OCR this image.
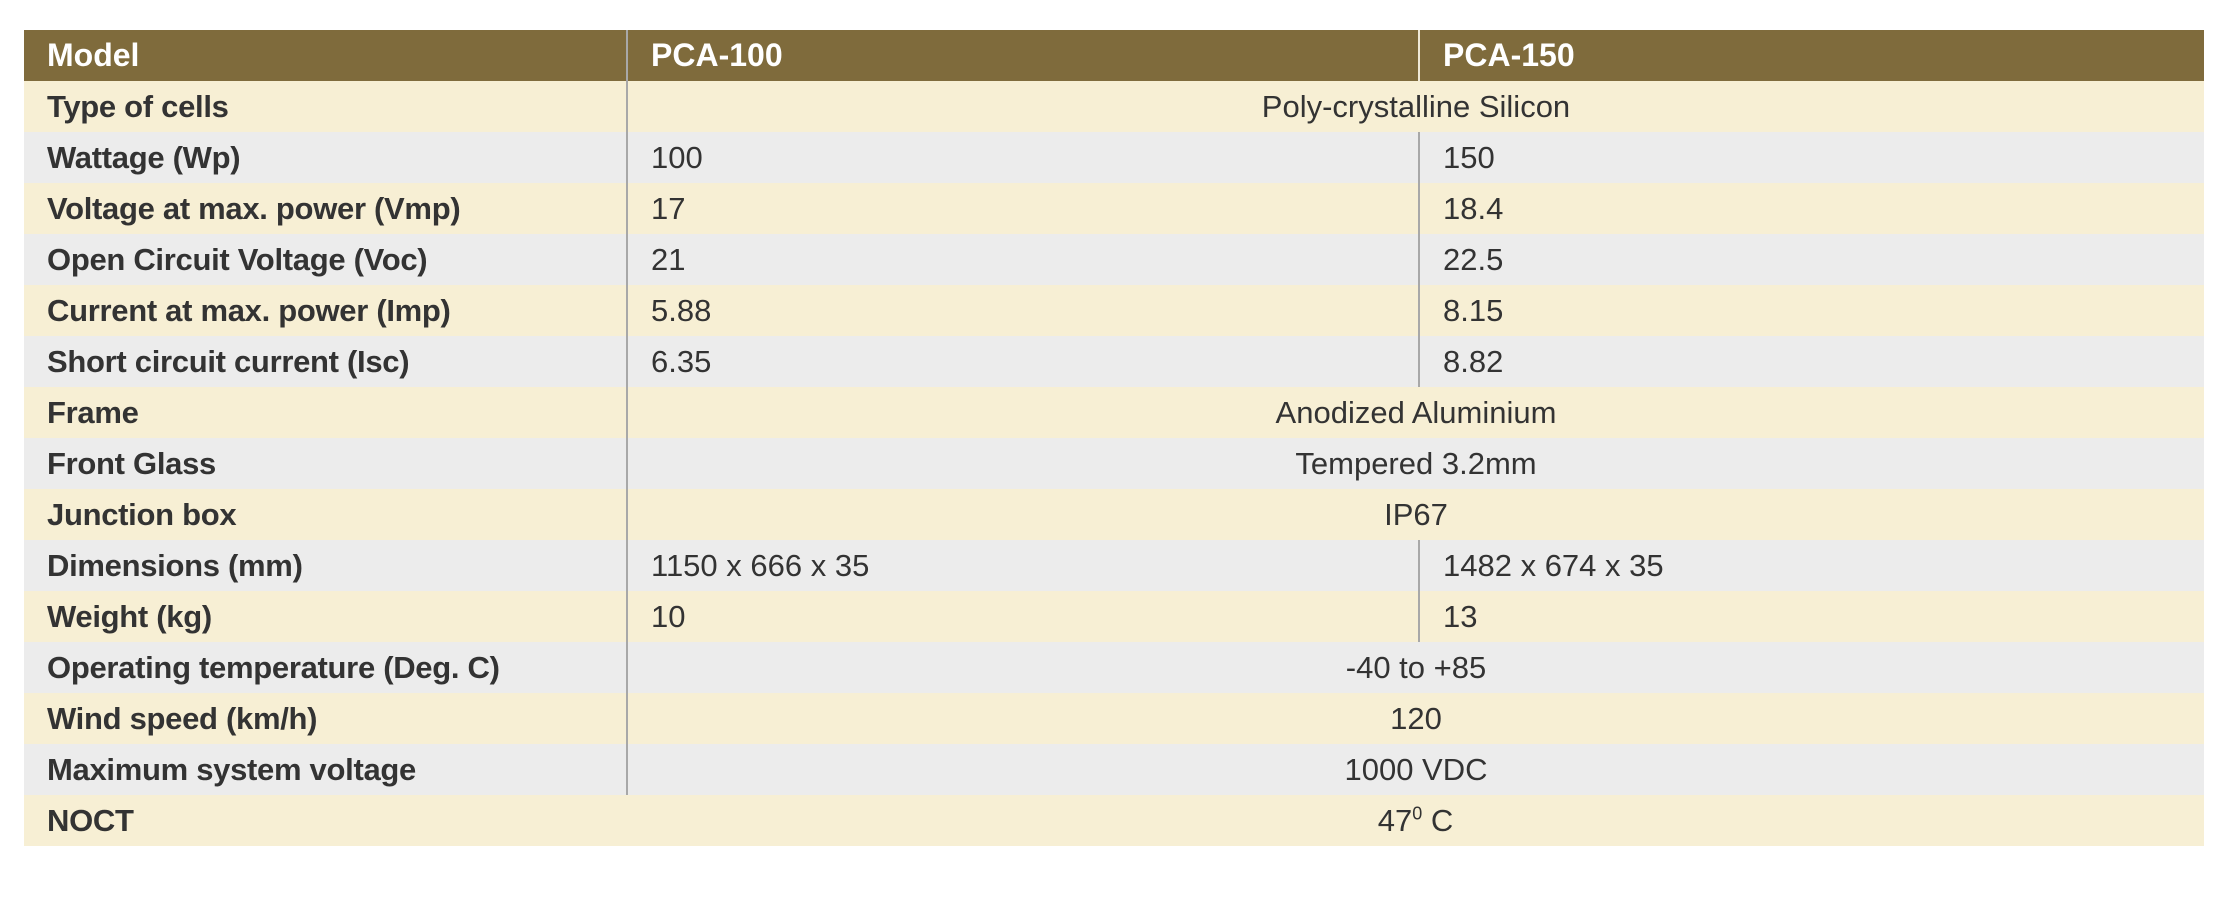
Model	PCA-100	PCA-150
Type of cells	Poly-crystalline Silicon	
Wattage (Wp)	100	150
Voltage at max. power (Vmp)	17	18.4
Open Circuit Voltage (Voc)	21	22.5
Current at max. power (Imp)	5.88	8.15
Short circuit current (Isc)	6.35	8.82
Frame	Anodized Aluminium	
Front Glass	Tempered 3.2mm	
Junction box	IP67	
Dimensions (mm)	1150 x 666 x 35	1482 x 674 x 35
Weight (kg)	10	13
Operating temperature (Deg. C)	-40 to +85	
Wind speed (km/h)	120	
Maximum system voltage	1000 VDC	
NOCT	$47^0$ C	
